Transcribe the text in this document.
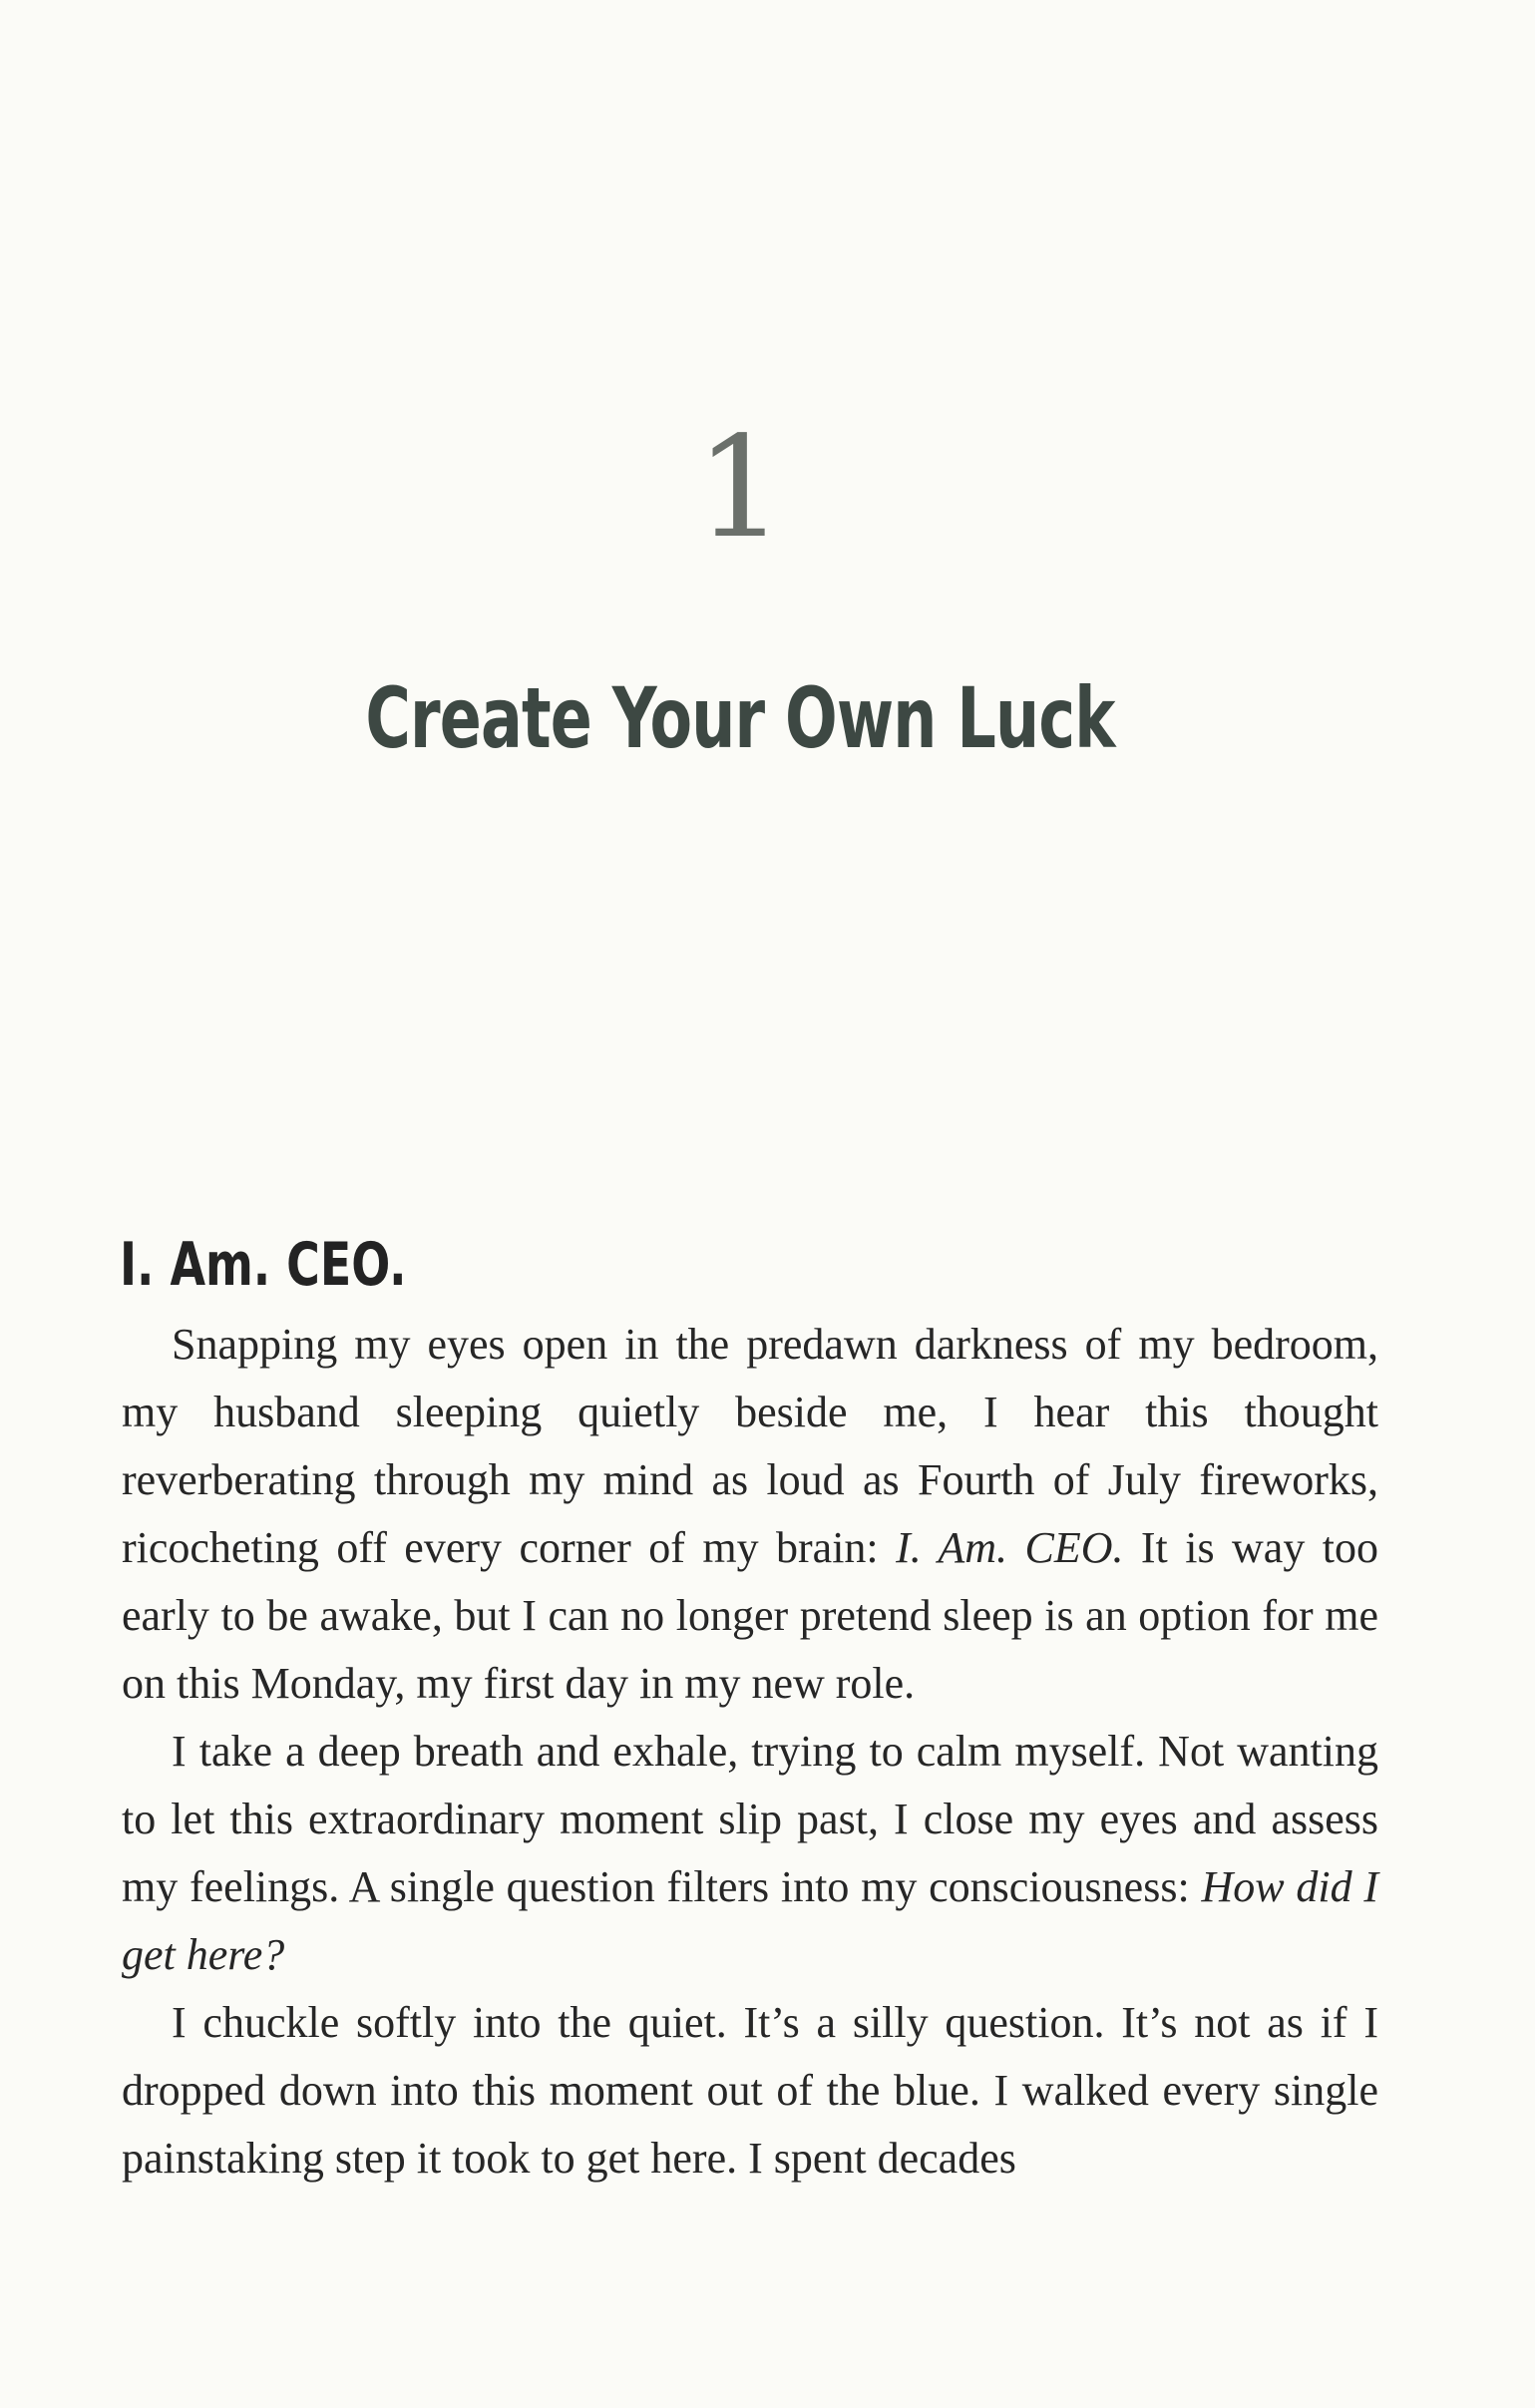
1
Create Your Own Luck
I. Am. CEO.

Snapping my eyes open in the predawn darkness of my bedroom, my husband sleeping quietly beside me, I hear this thought reverberating through my mind as loud as Fourth of July fireworks, ricocheting off every corner of my brain: I. Am. CEO. It is way too early to be awake, but I can no longer pretend sleep is an option for me on this Monday, my first day in my new role.

I take a deep breath and exhale, trying to calm myself. Not wanting to let this extraordinary moment slip past, I close my eyes and assess my feelings. A single question filters into my consciousness: How did I get here?

I chuckle softly into the quiet. It’s a silly question. It’s not as if I dropped down into this moment out of the blue. I walked every single painstaking step it took to get here. I spent decades
